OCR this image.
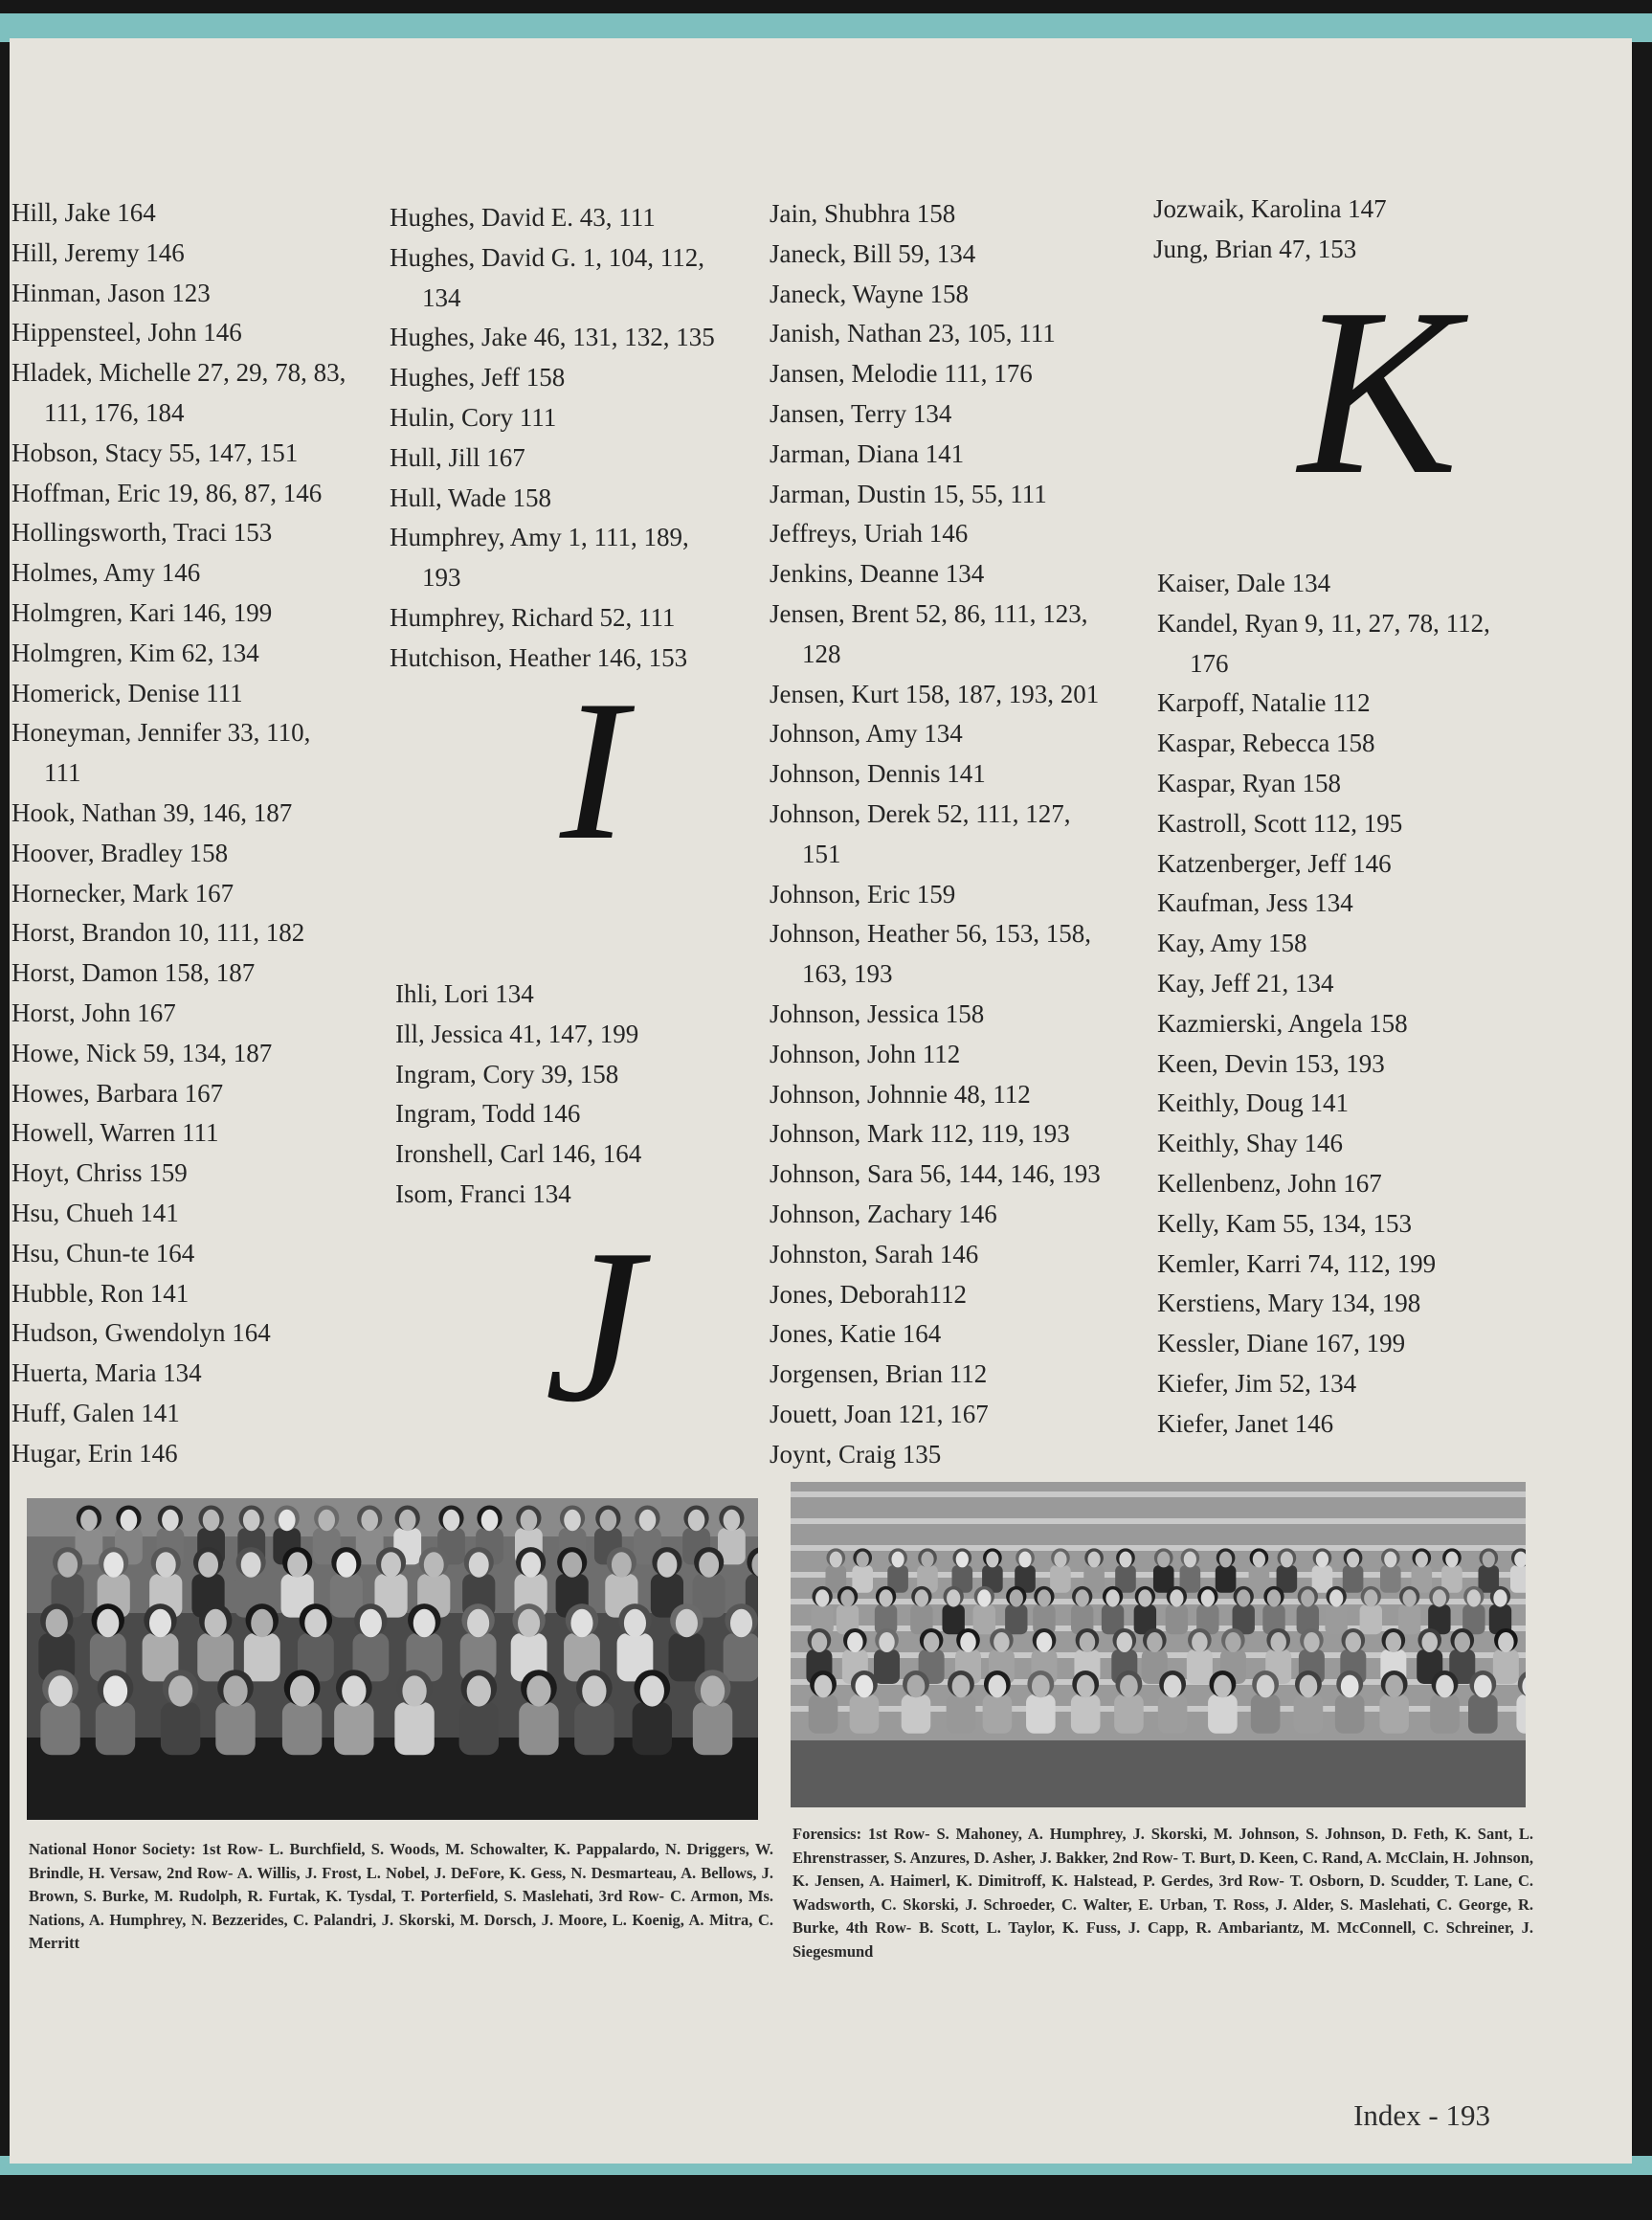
Hill, Jake 164
Hill, Jeremy 146
Hinman, Jason 123
Hippensteel, John 146
Hladek, Michelle 27, 29, 78, 83,
111, 176, 184
Hobson, Stacy 55, 147, 151
Hoffman, Eric 19, 86, 87, 146
Hollingsworth, Traci 153
Holmes, Amy 146
Holmgren, Kari 146, 199
Holmgren, Kim 62, 134
Homerick, Denise 111
Honeyman, Jennifer 33, 110,
111
Hook, Nathan 39, 146, 187
Hoover, Bradley 158
Hornecker, Mark 167
Horst, Brandon 10, 111, 182
Horst, Damon 158, 187
Horst, John 167
Howe, Nick 59, 134, 187
Howes, Barbara 167
Howell, Warren 111
Hoyt, Chriss 159
Hsu, Chueh 141
Hsu, Chun-te 164
Hubble, Ron 141
Hudson, Gwendolyn 164
Huerta, Maria 134
Huff, Galen 141
Hugar, Erin 146
Hughes, David E. 43, 111
Hughes, David G. 1, 104, 112,
134
Hughes, Jake 46, 131, 132, 135
Hughes, Jeff 158
Hulin, Cory 111
Hull, Jill 167
Hull, Wade 158
Humphrey, Amy 1, 111, 189,
193
Humphrey, Richard 52, 111
Hutchison, Heather 146, 153
I
Ihli, Lori 134
Ill, Jessica 41, 147, 199
Ingram, Cory 39, 158
Ingram, Todd 146
Ironshell, Carl 146, 164
Isom, Franci 134
J
Jain, Shubhra 158
Janeck, Bill 59, 134
Janeck, Wayne 158
Janish, Nathan 23, 105, 111
Jansen, Melodie 111, 176
Jansen, Terry 134
Jarman, Diana 141
Jarman, Dustin 15, 55, 111
Jeffreys, Uriah 146
Jenkins, Deanne 134
Jensen, Brent 52, 86, 111, 123,
128
Jensen, Kurt 158, 187, 193, 201
Johnson, Amy 134
Johnson, Dennis 141
Johnson, Derek 52, 111, 127,
151
Johnson, Eric 159
Johnson, Heather 56, 153, 158,
163, 193
Johnson, Jessica 158
Johnson, John 112
Johnson, Johnnie 48, 112
Johnson, Mark 112, 119, 193
Johnson, Sara 56, 144, 146, 193
Johnson, Zachary 146
Johnston, Sarah 146
Jones, Deborah112
Jones, Katie 164
Jorgensen, Brian 112
Jouett, Joan 121, 167
Joynt, Craig 135
Jozwaik, Karolina 147
Jung, Brian 47, 153
K
Kaiser, Dale 134
Kandel, Ryan 9, 11, 27, 78, 112,
176
Karpoff, Natalie 112
Kaspar, Rebecca 158
Kaspar, Ryan 158
Kastroll, Scott 112, 195
Katzenberger, Jeff 146
Kaufman, Jess 134
Kay, Amy 158
Kay, Jeff 21, 134
Kazmierski, Angela 158
Keen, Devin 153, 193
Keithly, Doug 141
Keithly, Shay 146
Kellenbenz, John 167
Kelly, Kam 55, 134, 153
Kemler, Karri 74, 112, 199
Kerstiens, Mary 134, 198
Kessler, Diane 167, 199
Kiefer, Jim 52, 134
Kiefer, Janet 146
National Honor Society: 1st Row- L. Burchfield, S. Woods, M. Schowalter, K. Pappalardo, N. Driggers, W. Brindle, H. Versaw, 2nd Row- A. Willis, J. Frost, L. Nobel, J. DeFore, K. Gess, N. Desmarteau, A. Bellows, J. Brown, S. Burke, M. Rudolph, R. Furtak, K. Tysdal, T. Porterfield, S. Maslehati, 3rd Row- C. Armon, Ms. Nations, A. Humphrey, N. Bezzerides, C. Palandri, J. Skorski, M. Dorsch, J. Moore, L. Koenig, A. Mitra, C. Merritt
Forensics: 1st Row- S. Mahoney, A. Humphrey, J. Skorski, M. Johnson, S. Johnson, D. Feth, K. Sant, L. Ehrenstrasser, S. Anzures, D. Asher, J. Bakker, 2nd Row- T. Burt, D. Keen, C. Rand, A. McClain, H. Johnson, K. Jensen, A. Haimerl, K. Dimitroff, K. Halstead, P. Gerdes, 3rd Row- T. Osborn, D. Scudder, T. Lane, C. Wadsworth, C. Skorski, J. Schroeder, C. Walter, E. Urban, T. Ross, J. Alder, S. Maslehati, C. George, R. Burke, 4th Row- B. Scott, L. Taylor, K. Fuss, J. Capp, R. Ambariantz, M. McConnell, C. Schreiner, J. Siegesmund
Index - 193
